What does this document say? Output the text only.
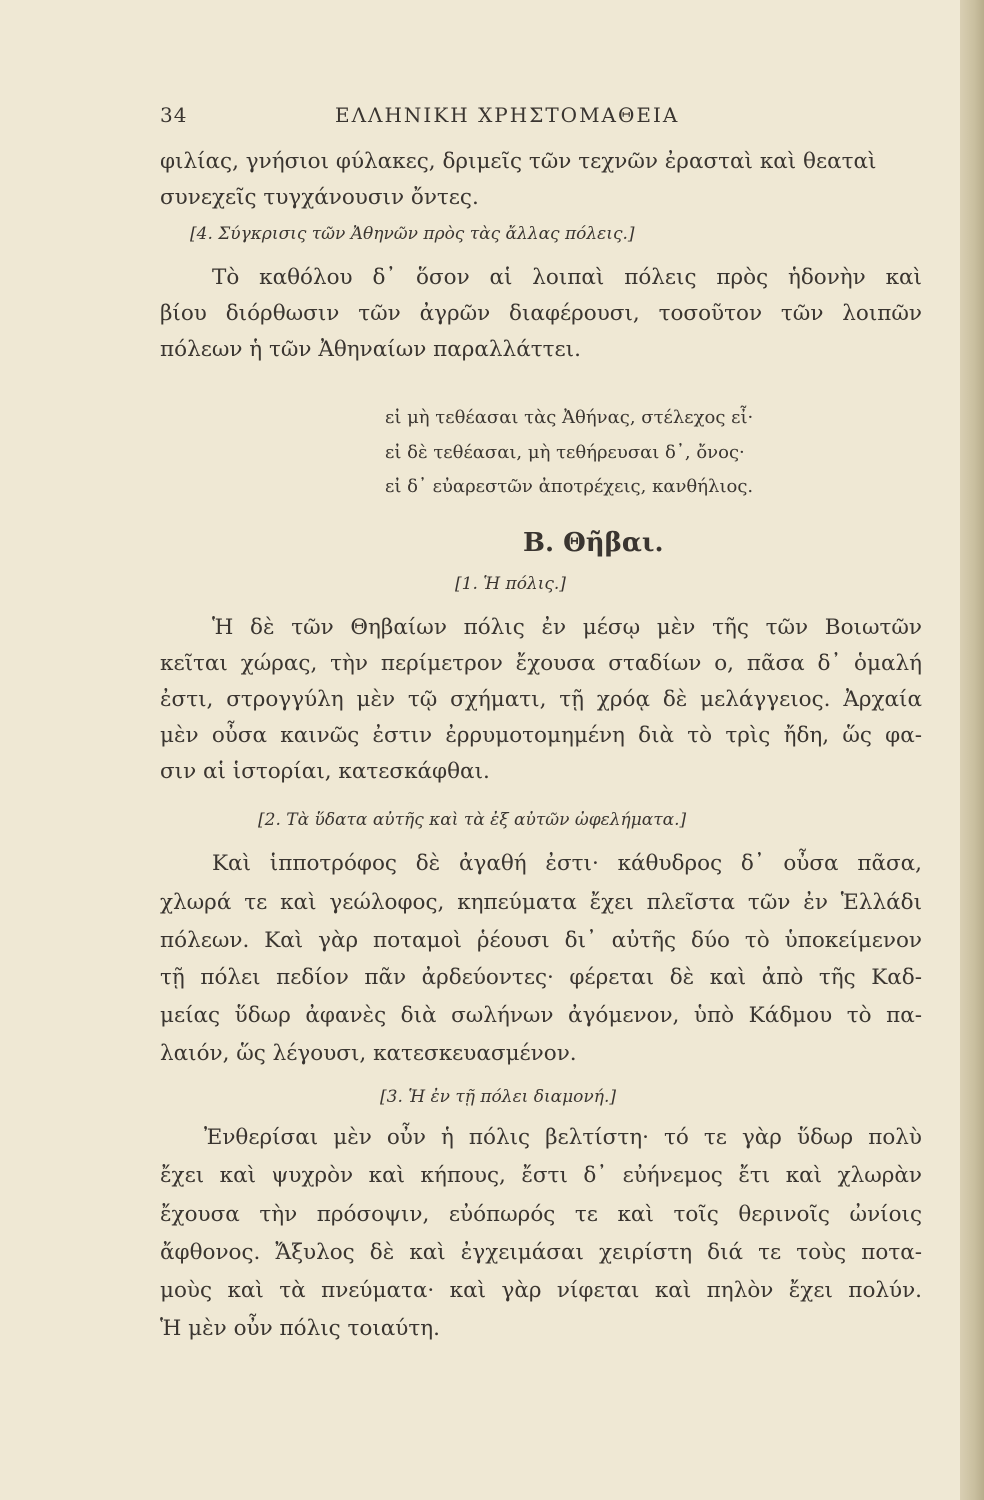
34	ΕΛΛΗΝΙΚΗ ΧΡΗΣΤΟΜΑΘΕΙΑ
φιλίας, γνήσιοι φύλακες, δριμεῖς τῶν τεχνῶν ἐρασταὶ καὶ θεαταὶ
συνεχεῖς τυγχάνουσιν ὄντες.
[4. Σύγκρισις τῶν Ἀθηνῶν πρὸς τὰς ἄλλας πόλεις.]
Τὸ καθόλου δ᾽ ὅσον αἱ λοιπαὶ πόλεις πρὸς ἡδονὴν καὶ
βίου διόρθωσιν τῶν ἀγρῶν διαφέρουσι, τοσοῦτον τῶν λοιπῶν
πόλεων ἡ τῶν Ἀθηναίων παραλλάττει.
εἰ μὴ τεθέασαι τὰς Ἀθήνας, στέλεχος εἶ·
εἰ δὲ τεθέασαι, μὴ τεθήρευσαι δ᾽, ὄνος·
εἰ δ᾽ εὐαρεστῶν ἀποτρέχεις, κανθήλιος.
Β. Θῆβαι.
[1. Ἡ πόλις.]
Ἡ δὲ τῶν Θηβαίων πόλις ἐν μέσῳ μὲν τῆς τῶν Βοιωτῶν
κεῖται χώρας, τὴν περίμετρον ἔχουσα σταδίων ο, πᾶσα δ᾽ ὁμαλή
ἐστι, στρογγύλη μὲν τῷ σχήματι, τῇ χρόᾳ δὲ μελάγγειος. Ἀρχαία
μὲν οὖσα καινῶς ἐστιν ἐρρυμοτομημένη διὰ τὸ τρὶς ἤδη, ὥς φα-
σιν αἱ ἱστορίαι, κατεσκάφθαι.
[2. Τὰ ὕδατα αὐτῆς καὶ τὰ ἐξ αὐτῶν ὠφελήματα.]
Καὶ ἱπποτρόφος δὲ ἀγαθή ἐστι· κάθυδρος δ᾽ οὖσα πᾶσα,
χλωρά τε καὶ γεώλοφος, κηπεύματα ἔχει πλεῖστα τῶν ἐν Ἑλλάδι
πόλεων. Καὶ γὰρ ποταμοὶ ῥέουσι δι᾽ αὐτῆς δύο τὸ ὑποκείμενον
τῇ πόλει πεδίον πᾶν ἀρδεύοντες· φέρεται δὲ καὶ ἀπὸ τῆς Καδ-
μείας ὕδωρ ἀφανὲς διὰ σωλήνων ἀγόμενον, ὑπὸ Κάδμου τὸ πα-
λαιόν, ὥς λέγουσι, κατεσκευασμένον.
[3. Ἡ ἐν τῇ πόλει διαμονή.]
Ἐνθερίσαι μὲν οὖν ἡ πόλις βελτίστη· τό τε γὰρ ὕδωρ πολὺ
ἔχει καὶ ψυχρὸν καὶ κήπους, ἔστι δ᾽ εὐήνεμος ἔτι καὶ χλωρὰν
ἔχουσα τὴν πρόσοψιν, εὐόπωρός τε καὶ τοῖς θερινοῖς ὠνίοις
ἄφθονος. Ἄξυλος δὲ καὶ ἐγχειμάσαι χειρίστη διά τε τοὺς ποτα-
μοὺς καὶ τὰ πνεύματα· καὶ γὰρ νίφεται καὶ πηλὸν ἔχει πολύν.
Ἡ μὲν οὖν πόλις τοιαύτη.
